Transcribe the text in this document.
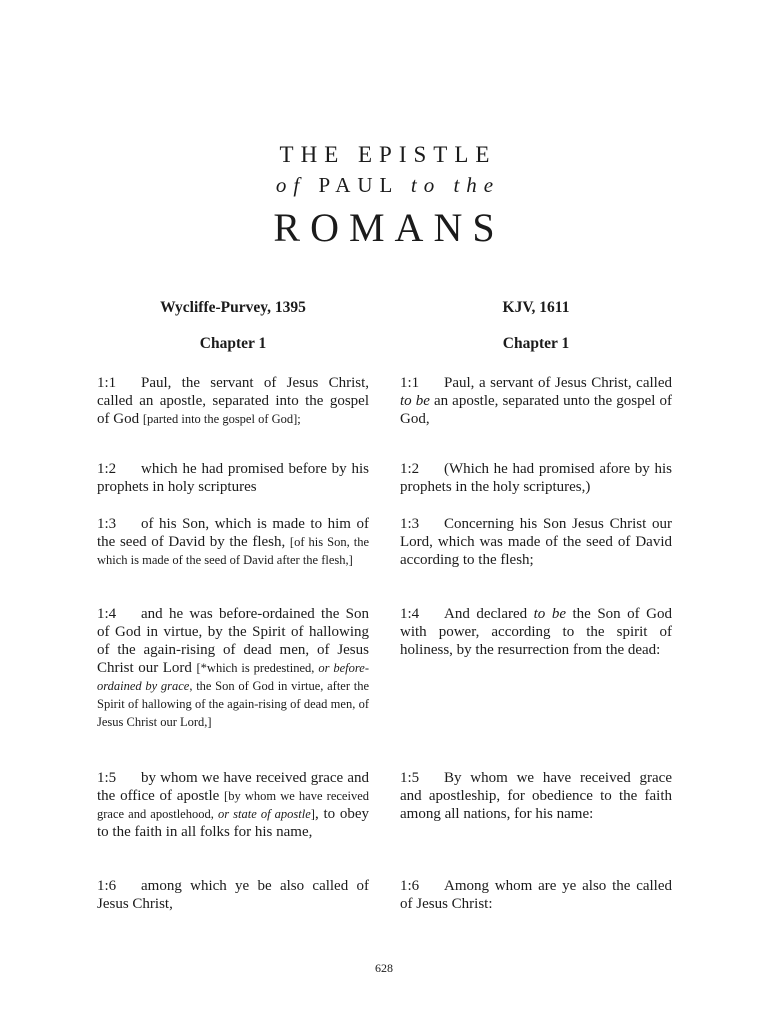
THE EPISTLE
of PAUL to the
ROMANS
Wycliffe-Purvey, 1395
Chapter 1
1:1 Paul, the servant of Jesus Christ, called an apostle, separated into the gospel of God [parted into the gospel of God];
1:2 which he had promised before by his prophets in holy scriptures
1:3 of his Son, which is made to him of the seed of David by the flesh, [of his Son, the which is made of the seed of David after the flesh,]
1:4 and he was before-ordained the Son of God in virtue, by the Spirit of hallowing of the again-rising of dead men, of Jesus Christ our Lord [*which is predestined, or before-ordained by grace, the Son of God in virtue, after the Spirit of hallowing of the again-rising of dead men, of Jesus Christ our Lord,]
1:5 by whom we have received grace and the office of apostle [by whom we have received grace and apostlehood, or state of apostle], to obey to the faith in all folks for his name,
1:6 among which ye be also called of Jesus Christ,
KJV, 1611
Chapter 1
1:1 Paul, a servant of Jesus Christ, called to be an apostle, separated unto the gospel of God,
1:2 (Which he had promised afore by his prophets in the holy scriptures,)
1:3 Concerning his Son Jesus Christ our Lord, which was made of the seed of David according to the flesh;
1:4 And declared to be the Son of God with power, according to the spirit of holiness, by the resurrection from the dead:
1:5 By whom we have received grace and apostleship, for obedience to the faith among all nations, for his name:
1:6 Among whom are ye also the called of Jesus Christ:
628
